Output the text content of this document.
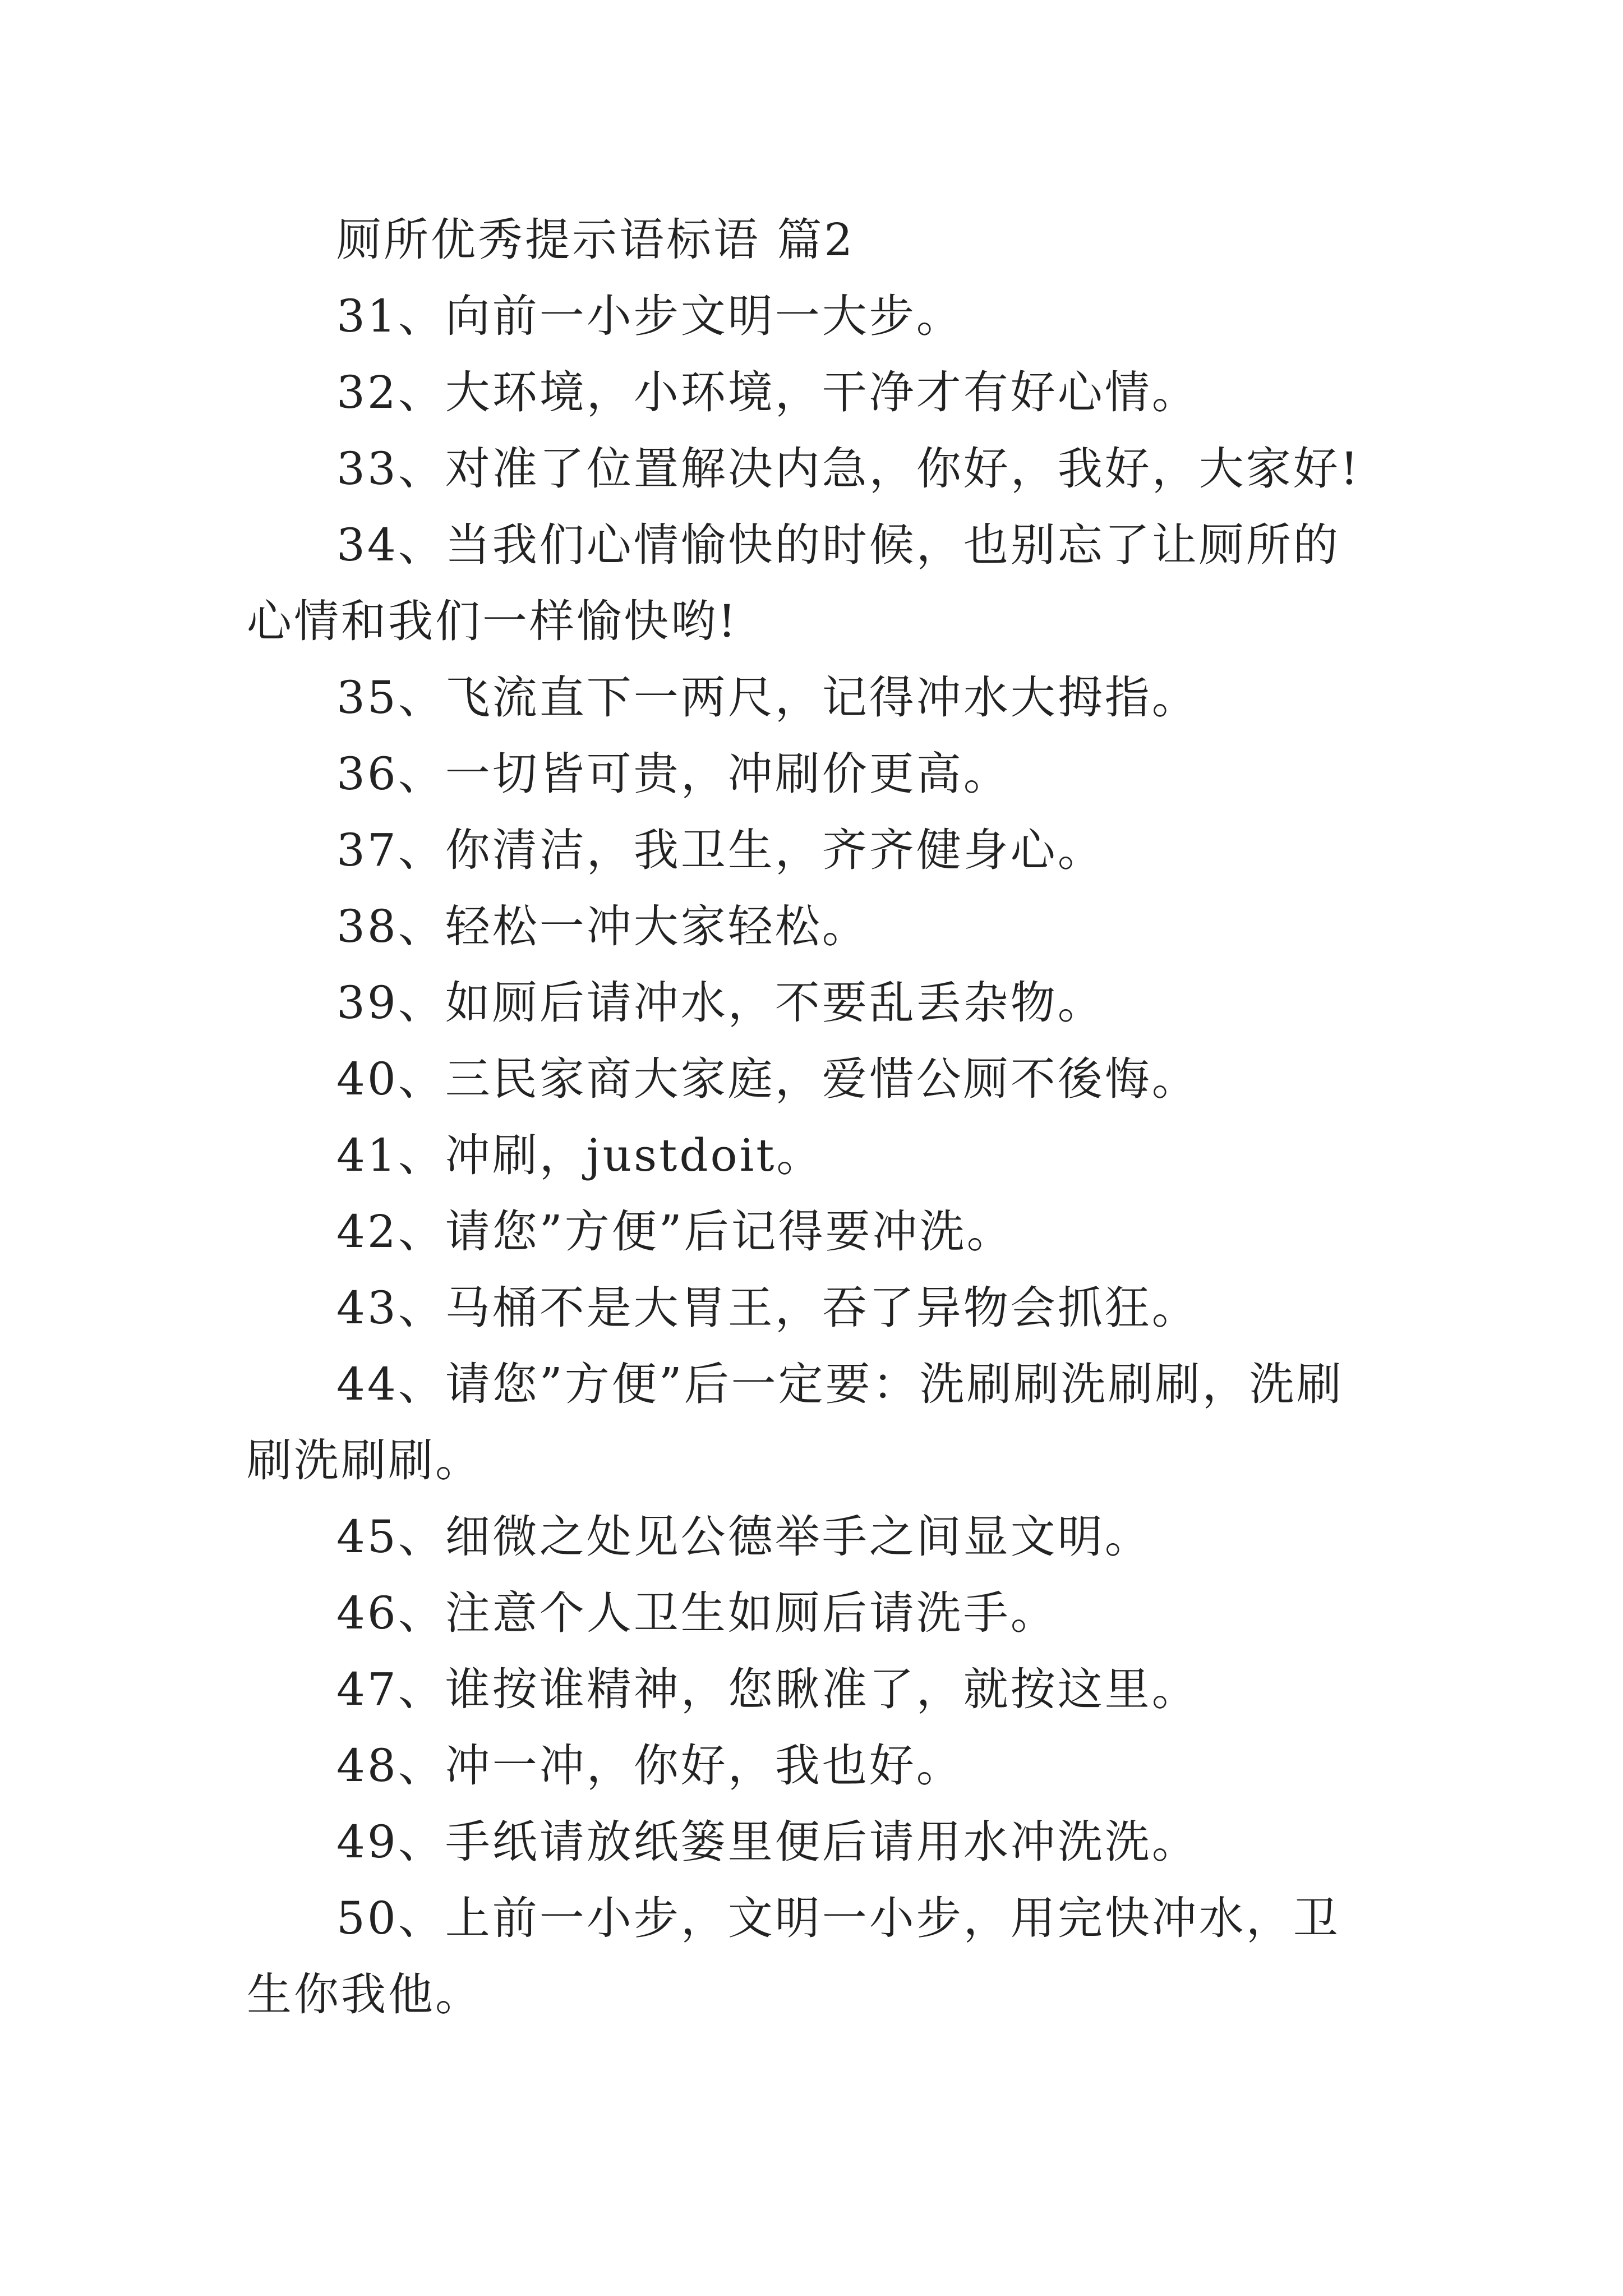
厕所优秀提示语标语 篇2

31、向前一小步文明一大步。

32、大环境，小环境，干净才有好心情。

33、对准了位置解决内急，你好，我好，大家好!

34、当我们心情愉快的时候，也别忘了让厕所的心情和我们一样愉快哟!

35、飞流直下一两尺，记得冲水大拇指。

36、一切皆可贵，冲刷价更高。

37、你清洁，我卫生，齐齐健身心。

38、轻松一冲大家轻松。

39、如厕后请冲水，不要乱丢杂物。

40、三民家商大家庭，爱惜公厕不後悔。

41、冲刷，justdoit。

42、请您”方便”后记得要冲洗。

43、马桶不是大胃王，吞了异物会抓狂。

44、请您”方便”后一定要：洗刷刷洗刷刷，洗刷刷洗刷刷。

45、细微之处见公德举手之间显文明。

46、注意个人卫生如厕后请洗手。

47、谁按谁精神，您瞅准了，就按这里。

48、冲一冲，你好，我也好。

49、手纸请放纸篓里便后请用水冲洗洗。

50、上前一小步，文明一小步，用完快冲水，卫生你我他。
